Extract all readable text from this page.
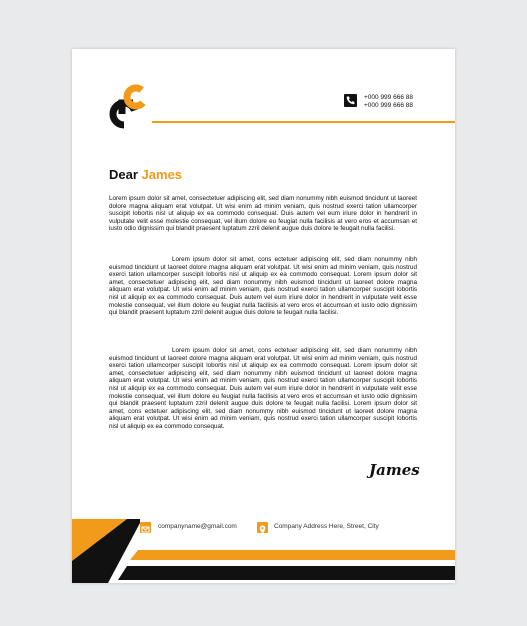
+000 999 666 88
+000 999 666 88
Dear James

Lorem ipsum dolor sit amet, consectetuer adipiscing elit, sed diam nonummy nibh euismod tincidunt ut laoreet dolore magna aliquam erat volutpat. Ut wisi enim ad minim veniam, quis nostrud exerci tation ullamcorper suscipit lobortis nisl ut aliquip ex ea commodo consequat. Duis autem vel eum iriure dolor in hendrerit in vulputate velit esse molestie consequat, vel illum dolore eu feugiat nulla facilisis at vero eros et accumsan et iusto odio dignissim qui blandit praesent luptatum zzril delenit augue duis dolore te feugait nulla facilisi.

Lorem ipsum dolor sit amet, cons ectetuer adipiscing elit, sed diam nonummy nibh euismod tincidunt ut laoreet dolore magna aliquam erat volutpat. Ut wisi enim ad minim veniam, quis nostrud exerci tation ullamcorper suscipit lobortis nisl ut aliquip ex ea commodo consequat. Lorem ipsum dolor sit amet, consectetuer adipiscing elit, sed diam nonummy nibh euismod tincidunt ut laoreet dolore magna aliquam erat volutpat. Ut wisi enim ad minim veniam, quis nostrud exerci tation ullamcorper suscipit lobortis nisl ut aliquip ex ea commodo consequat. Duis autem vel eum iriure dolor in hendrerit in vulputate velit esse molestie consequat, vel illum dolore eu feugiat nulla facilisis at vero eros et accumsan et iusto odio dignissim qui blandit praesent luptatum zzril delenit augue duis dolore te feugait nulla facilisi.

Lorem ipsum dolor sit amet, cons ectetuer adipiscing elit, sed diam nonummy nibh euismod tincidunt ut laoreet dolore magna aliquam erat volutpat. Ut wisi enim ad minim veniam, quis nostrud exerci tation ullamcorper suscipit lobortis nisl ut aliquip ex ea commodo consequat. Lorem ipsum dolor sit amet, consectetuer adipiscing elit, sed diam nonummy nibh euismod tincidunt ut laoreet dolore magna aliquam erat volutpat. Ut wisi enim ad minim veniam, quis nostrud exerci tation ullamcorper suscipit lobortis nisl ut aliquip ex ea commodo consequat. Duis autem vel eum iriure dolor in hendrerit in vulputate velit esse molestie consequat, vel illum dolore eu feugiat nulla facilisis at vero eros et accumsan et iusto odio dignissim qui blandit praesent luptatum zzril delenit augue duis dolore te feugait nulla facilisi. Lorem ipsum dolor sit amet, cons ectetuer adipiscing elit, sed diam nonummy nibh euismod tincidunt ut laoreet dolore magna aliquam erat volutpat. Ut wisi enim ad minim veniam, quis nostrud exerci tation ullamcorper suscipit lobortis nisl ut aliquip ex ea commodo consequat.

James
companyname@gmail.com	Company Address Here, Street, City
